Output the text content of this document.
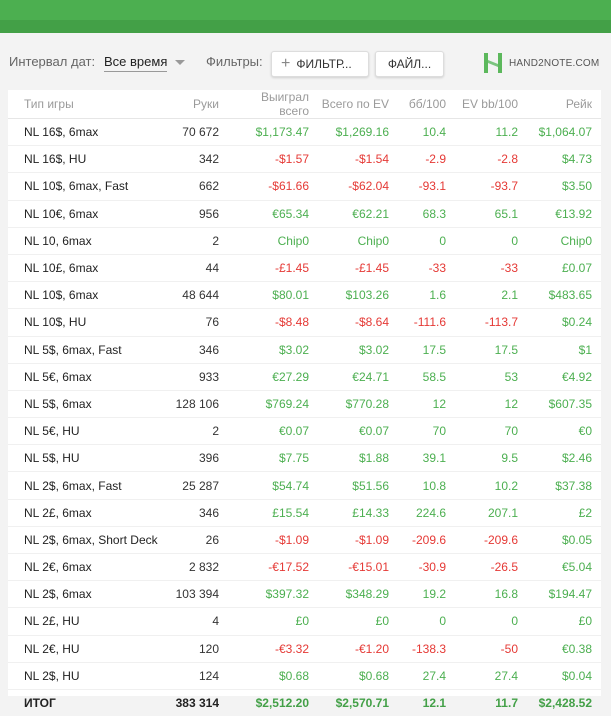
Интервал дат: Все время	Фильтры: + ФИЛЬТР...	ФАЙЛ...	HAND2NOTE.COM
Тип игры	Руки	Выиграл всего	Всего по EV	бб/100	EV bb/100	Рейк
NL 16$, 6max	70 672	$1,173.47	$1,269.16	10.4	11.2	$1,064.07
NL 16$, HU	342	-$1.57	-$1.54	-2.9	-2.8	$4.73
NL 10$, 6max, Fast	662	-$61.66	-$62.04	-93.1	-93.7	$3.50
NL 10€, 6max	956	€65.34	€62.21	68.3	65.1	€13.92
NL 10, 6max	2	Chip0	Chip0	0	0	Chip0
NL 10£, 6max	44	-£1.45	-£1.45	-33	-33	£0.07
NL 10$, 6max	48 644	$80.01	$103.26	1.6	2.1	$483.65
NL 10$, HU	76	-$8.48	-$8.64	-111.6	-113.7	$0.24
NL 5$, 6max, Fast	346	$3.02	$3.02	17.5	17.5	$1
NL 5€, 6max	933	€27.29	€24.71	58.5	53	€4.92
NL 5$, 6max	128 106	$769.24	$770.28	12	12	$607.35
NL 5€, HU	2	€0.07	€0.07	70	70	€0
NL 5$, HU	396	$7.75	$1.88	39.1	9.5	$2.46
NL 2$, 6max, Fast	25 287	$54.74	$51.56	10.8	10.2	$37.38
NL 2£, 6max	346	£15.54	£14.33	224.6	207.1	£2
NL 2$, 6max, Short Deck	26	-$1.09	-$1.09	-209.6	-209.6	$0.05
NL 2€, 6max	2 832	-€17.52	-€15.01	-30.9	-26.5	€5.04
NL 2$, 6max	103 394	$397.32	$348.29	19.2	16.8	$194.47
NL 2£, HU	4	£0	£0	0	0	£0
NL 2€, HU	120	-€3.32	-€1.20	-138.3	-50	€0.38
NL 2$, HU	124	$0.68	$0.68	27.4	27.4	$0.04
ИТОГ	383 314	$2,512.20	$2,570.71	12.1	11.7	$2,428.52
